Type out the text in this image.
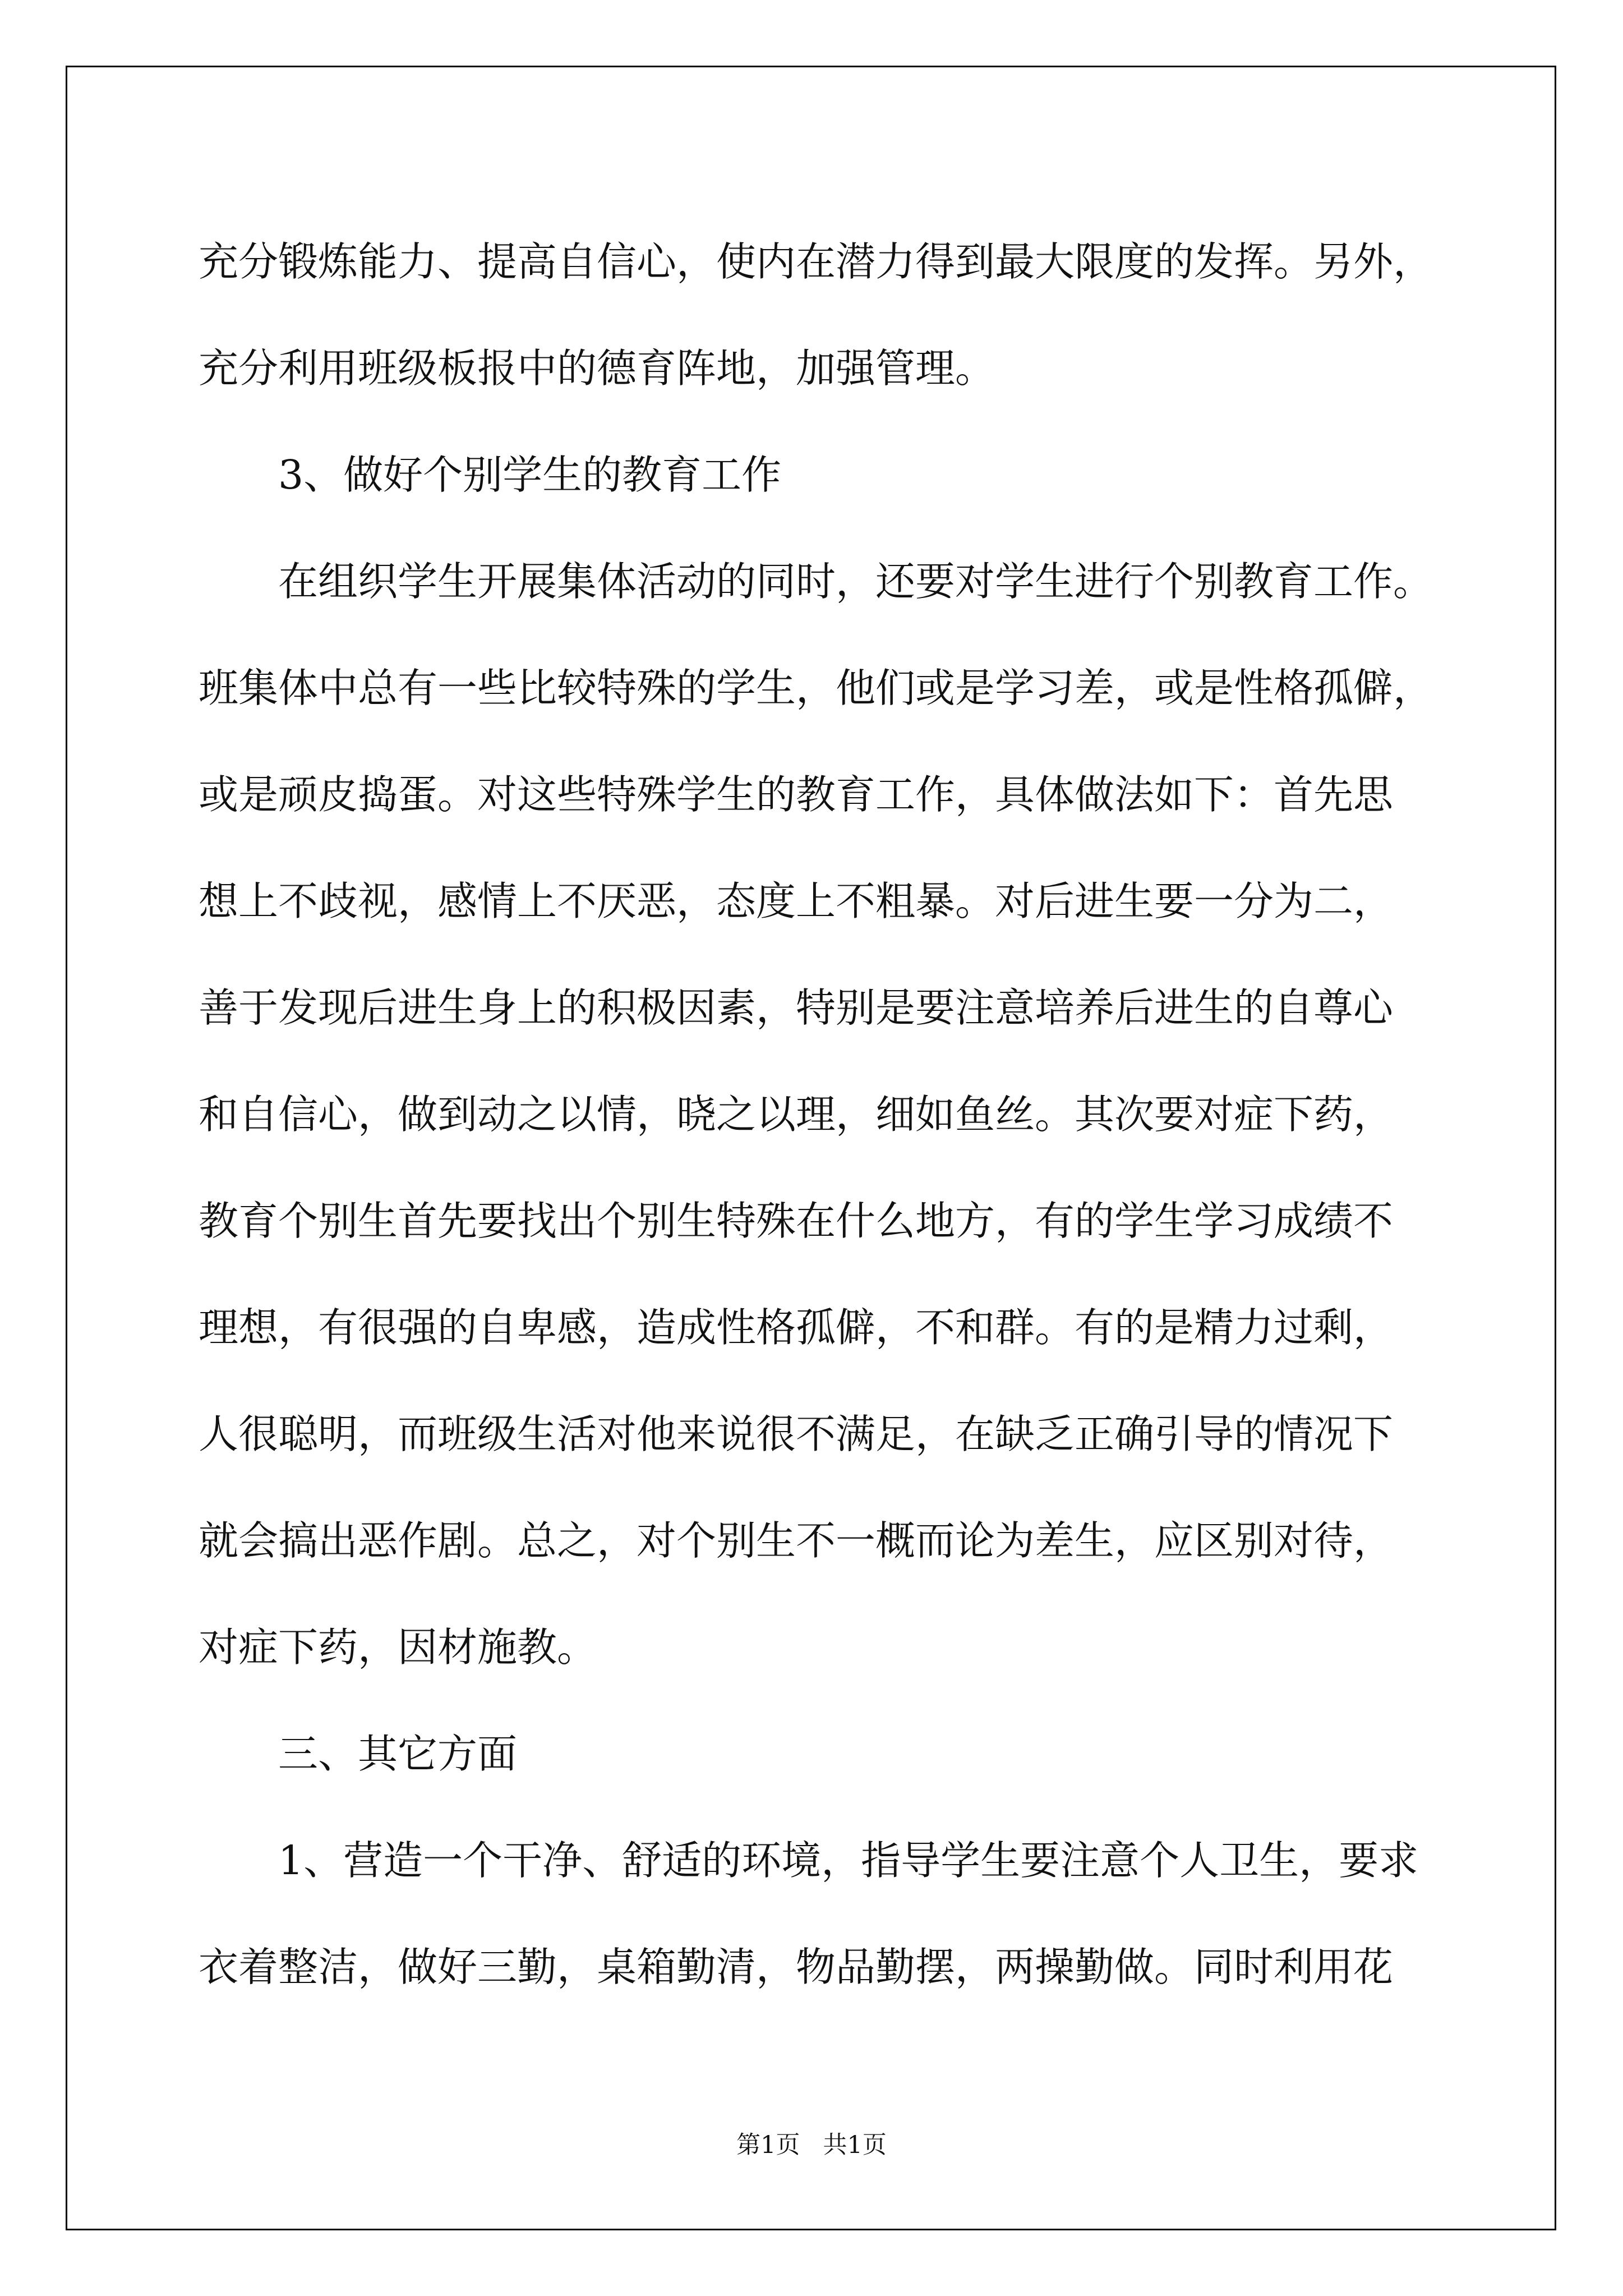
充分锻炼能力、提高自信心，使内在潜力得到最大限度的发挥。另外，

充分利用班级板报中的德育阵地，加强管理。

3、做好个别学生的教育工作

在组织学生开展集体活动的同时，还要对学生进行个别教育工作。

班集体中总有一些比较特殊的学生，他们或是学习差，或是性格孤僻，

或是顽皮捣蛋。对这些特殊学生的教育工作，具体做法如下：首先思

想上不歧视，感情上不厌恶，态度上不粗暴。对后进生要一分为二，

善于发现后进生身上的积极因素，特别是要注意培养后进生的自尊心

和自信心，做到动之以情，晓之以理，细如鱼丝。其次要对症下药，

教育个别生首先要找出个别生特殊在什么地方，有的学生学习成绩不

理想，有很强的自卑感，造成性格孤僻，不和群。有的是精力过剩，

人很聪明，而班级生活对他来说很不满足，在缺乏正确引导的情况下

就会搞出恶作剧。总之，对个别生不一概而论为差生，应区别对待，

对症下药，因材施教。

三、其它方面

1、营造一个干净、舒适的环境，指导学生要注意个人卫生，要求

衣着整洁，做好三勤，桌箱勤清，物品勤摆，两操勤做。同时利用花

第1页   共1页
